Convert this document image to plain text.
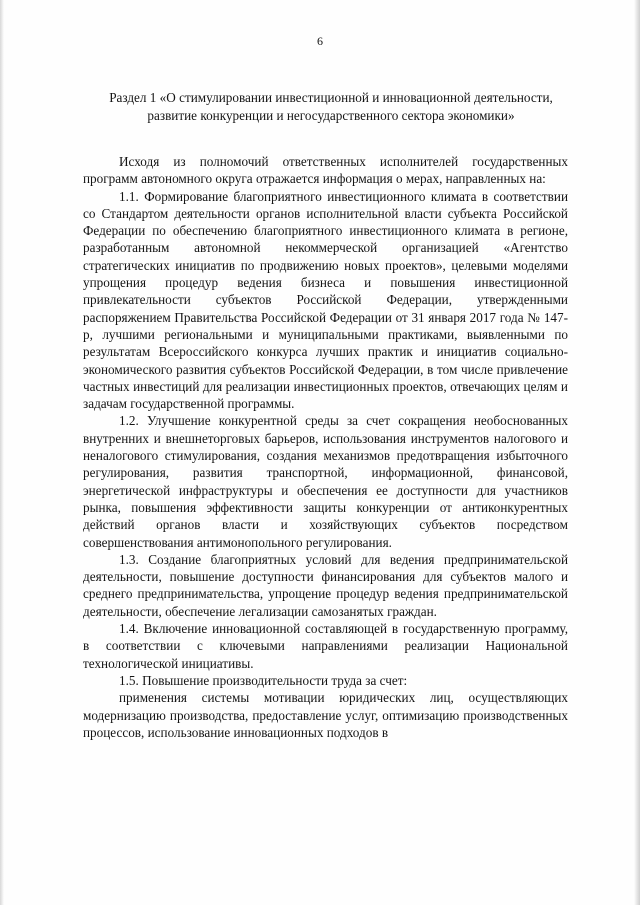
6
Раздел 1 «О стимулировании инвестиционной и инновационной деятельности, развитие конкуренции и негосударственного сектора экономики»

Исходя из полномочий ответственных исполнителей государственных программ автономного округа отражается информация о мерах, направленных на:

1.1. Формирование благоприятного инвестиционного климата в соответствии со Стандартом деятельности органов исполнительной власти субъекта Российской Федерации по обеспечению благоприятного инвестиционного климата в регионе, разработанным автономной некоммерческой организацией «Агентство стратегических инициатив по продвижению новых проектов», целевыми моделями упрощения процедур ведения бизнеса и повышения инвестиционной привлекательности субъектов Российской Федерации, утвержденными распоряжением Правительства Российской Федерации от 31 января 2017 года № 147-р, лучшими региональными и муниципальными практиками, выявленными по результатам Всероссийского конкурса лучших практик и инициатив социально-экономического развития субъектов Российской Федерации, в том числе привлечение частных инвестиций для реализации инвестиционных проектов, отвечающих целям и задачам государственной программы.

1.2. Улучшение конкурентной среды за счет сокращения необоснованных внутренних и внешнеторговых барьеров, использования инструментов налогового и неналогового стимулирования, создания механизмов предотвращения избыточного регулирования, развития транспортной, информационной, финансовой, энергетической инфраструктуры и обеспечения ее доступности для участников рынка, повышения эффективности защиты конкуренции от антиконкурентных действий органов власти и хозяйствующих субъектов посредством совершенствования антимонопольного регулирования.

1.3. Создание благоприятных условий для ведения предпринимательской деятельности, повышение доступности финансирования для субъектов малого и среднего предпринимательства, упрощение процедур ведения предпринимательской деятельности, обеспечение легализации самозанятых граждан.

1.4. Включение инновационной составляющей в государственную программу, в соответствии с ключевыми направлениями реализации Национальной технологической инициативы.

1.5. Повышение производительности труда за счет:

применения системы мотивации юридических лиц, осуществляющих модернизацию производства, предоставление услуг, оптимизацию производственных процессов, использование инновационных подходов в
